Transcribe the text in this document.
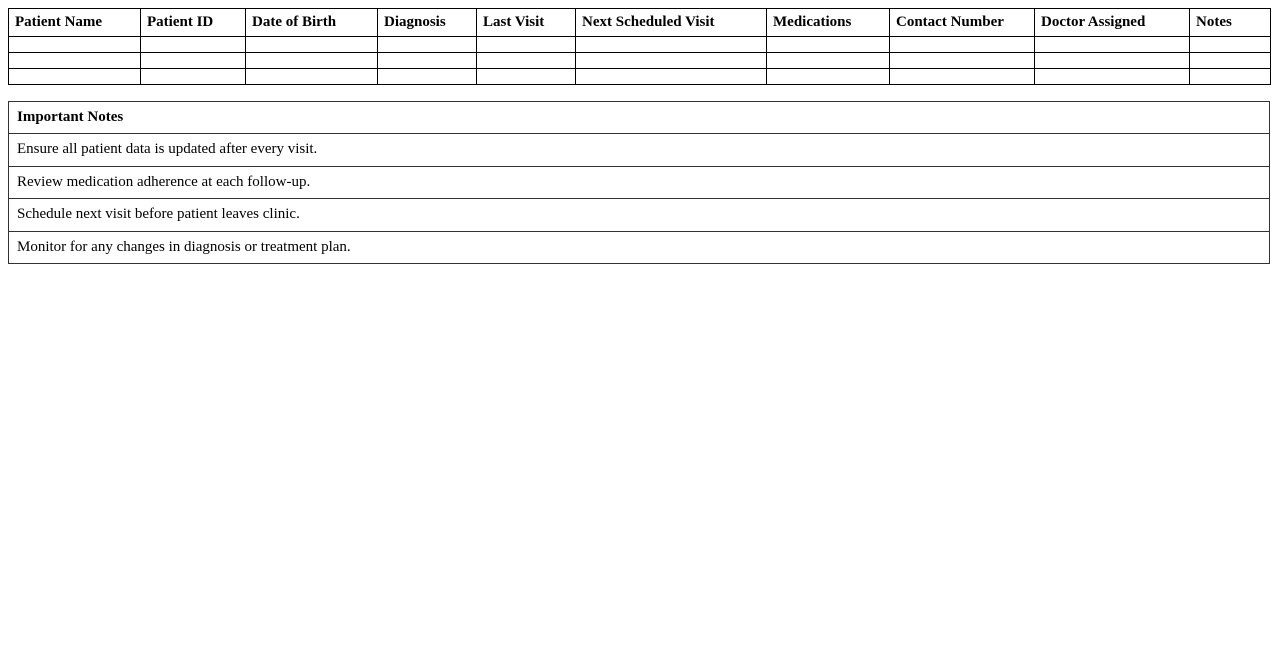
Patient Name	Patient ID	Date of Birth	Diagnosis	Last Visit	Next Scheduled Visit	Medications	Contact Number	Doctor Assigned	Notes

Important Notes
Ensure all patient data is updated after every visit.
Review medication adherence at each follow-up.
Schedule next visit before patient leaves clinic.
Monitor for any changes in diagnosis or treatment plan.
